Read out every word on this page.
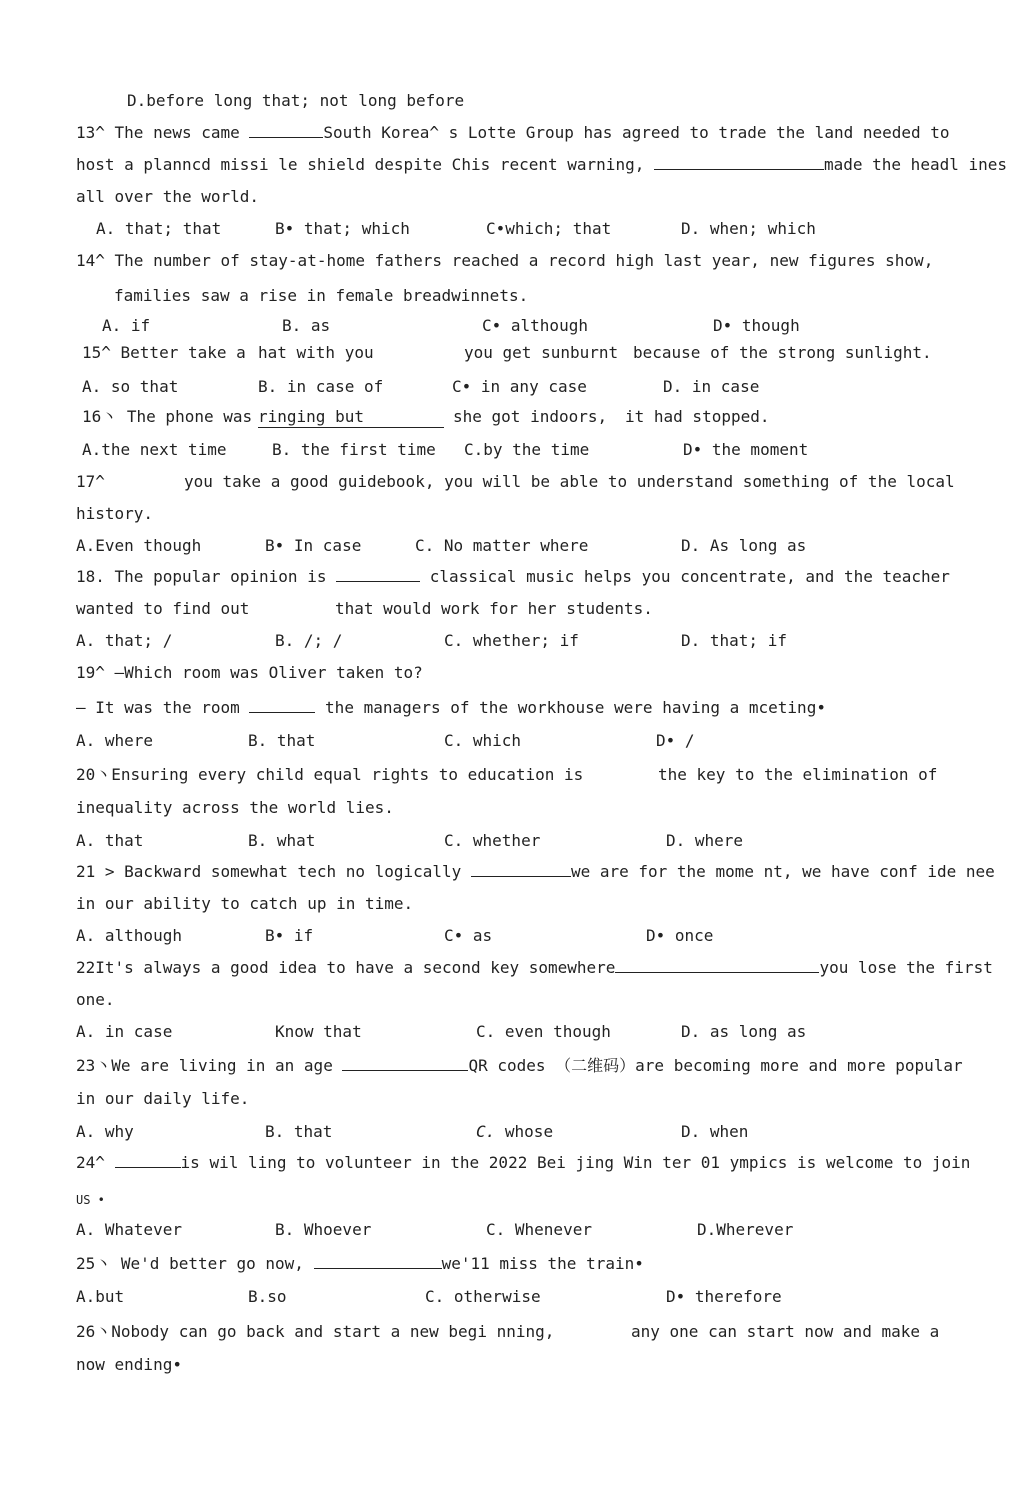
D.before long that; not long before
13^ The news came	South Korea^ s Lotte Group has agreed to trade the land needed to
host a plannсd missi le shield despite Chis recent warning,	made the headl ines
all over the world.
A. that; that	B• that; which	C•which; that	D. when; which
14^ The number of stay-at-home fathers reached a record high last year, new figures show,
families saw a rise in female breadwinnets.
A. if	B. as	C• although	D• though
15^ Better take a hat with you	you get sunburnt because of the strong sunlight.
A. so that	B. in case of	C• in any case	D. in case
16丶 The phone was ringing but	she got indoors, it had stopped.
A.the next time	B. the first time C.by the time	D• the moment
17^	you take a good guidebook, you will be able to understand something of the local
history.
A.Even though	B• In case	C. No matter where	D. As long as
18. The popular opinion is	classical music helps you concentrate, and the teacher
wanted to find out	that would work for her students.
A. that; /	B. /; /	C. whether; if	D. that; if
19^ —Which room was Oliver taken to?
— It was the room	the managers of the workhouse were having a mceting•
A. where	B. that	C. which	D• /
20丶Ensuring every child equal rights to education is	the key to the elimination of
inequality across the world lies.
A. that	B. what	C. whether	D. where
21 > Backward somewhat tech no logically	we are for the mome nt, we have conf ide nee
in our ability to catch up in time.
A. although	B• if	C• as	D• once
22It's always a good idea to have a second key somewhere	you lose the first
one.
A. in case	Know that	C. even though	D. as long as
23丶We are living in an age	QR codes （二维码）are becoming more and more popular
in our daily life.
A. why	B. that	C. whose	D. when
24^	is wil ling to volunteer in the 2022 Bei jing Win ter 01 ympics is welcome to join
US •
A. Whatever	B. Whoever	C. Whenever	D.Wherever
25丶 We'd better go now,	we'11 miss the train•
A.but	B.so	C. otherwise	D• therefore
26丶Nobody can go back and start a new begi nning,	any one can start now and make a
now ending•
